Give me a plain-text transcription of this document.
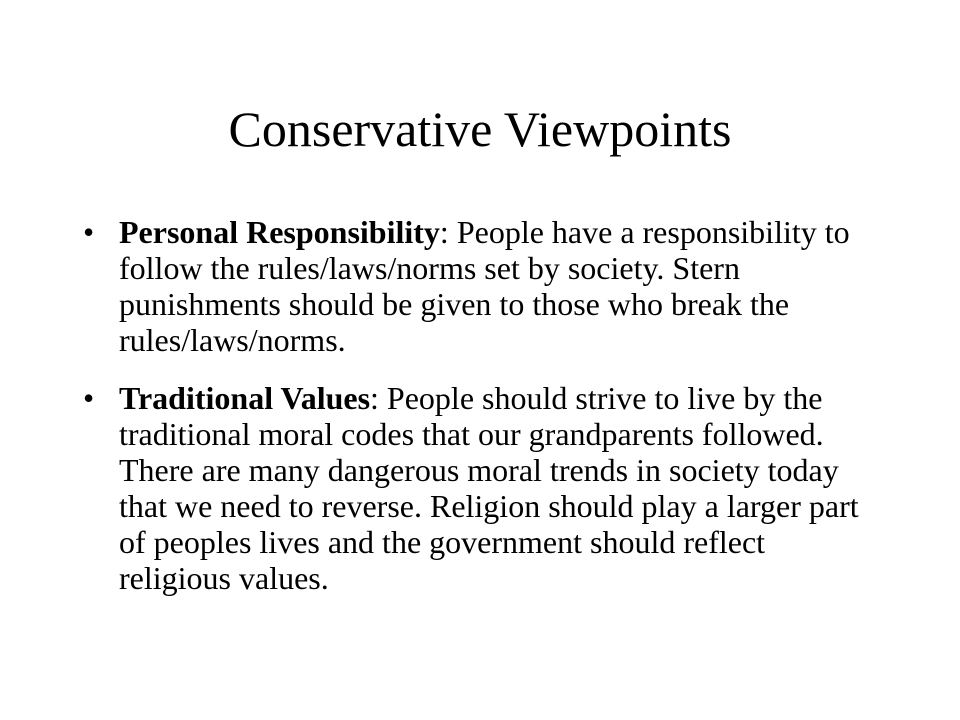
Conservative Viewpoints
• Personal Responsibility: People have a responsibility to follow the rules/laws/norms set by society. Stern punishments should be given to those who break the rules/laws/norms.
• Traditional Values: People should strive to live by the traditional moral codes that our grandparents followed. There are many dangerous moral trends in society today that we need to reverse. Religion should play a larger part of peoples lives and the government should reflect religious values.
